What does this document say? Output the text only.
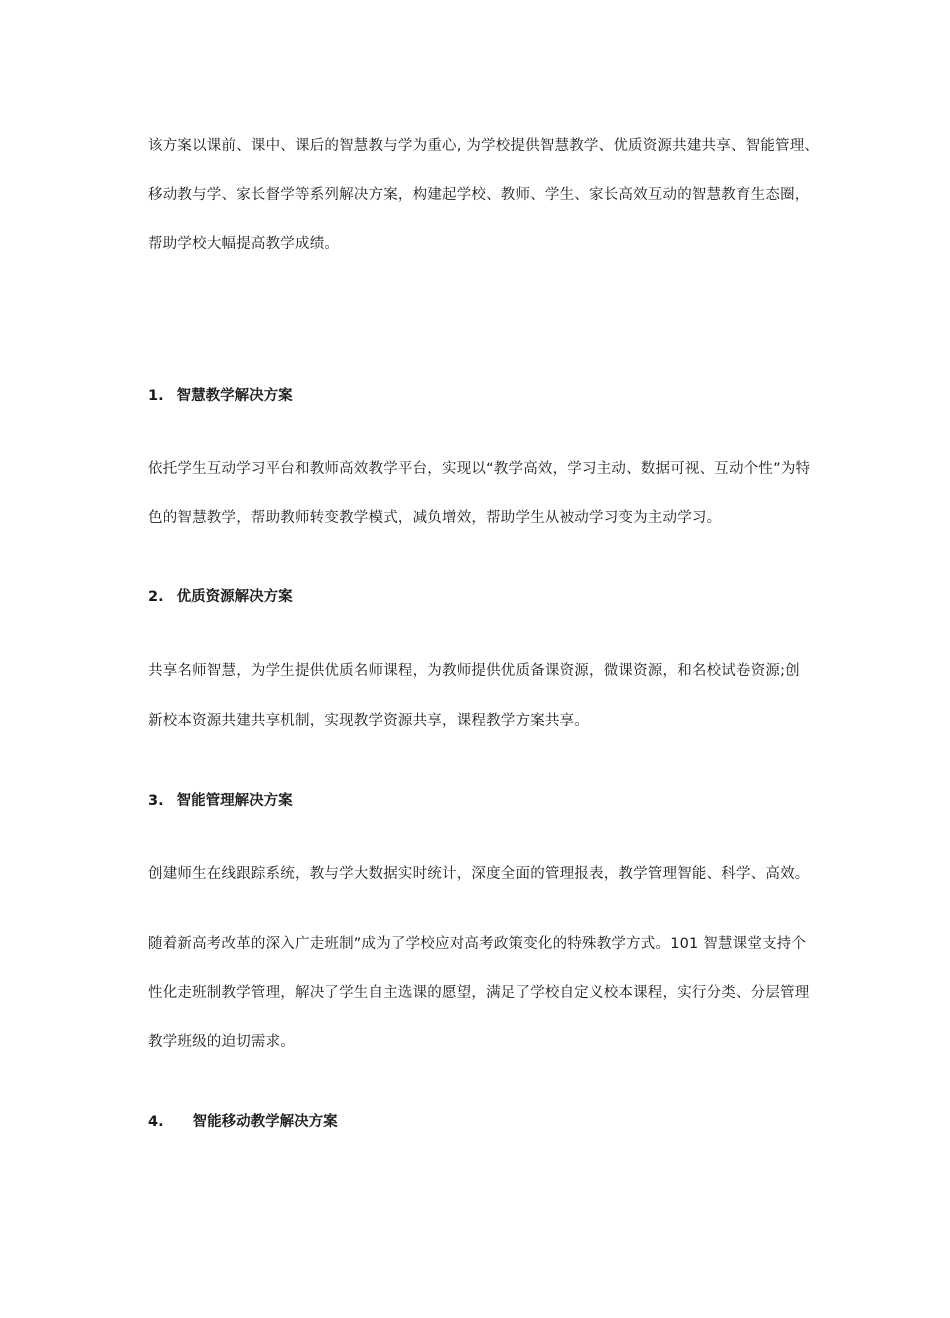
该方案以课前、课中、课后的智慧教与学为重心, 为学校提供智慧教学、优质资源共建共享、智能管理、
移动教与学、家长督学等系列解决方案，构建起学校、教师、学生、家长高效互动的智慧教育生态圈，
帮助学校大幅提高教学成绩。
1. 智慧教学解决方案
依托学生互动学习平台和教师高效教学平台，实现以“教学高效，学习主动、数据可视、互动个性”为特
色的智慧教学，帮助教师转变教学模式，减负增效，帮助学生从被动学习变为主动学习。
2. 优质资源解决方案
共享名师智慧，为学生提供优质名师课程，为教师提供优质备课资源，微课资源，和名校试卷资源;创
新校本资源共建共享机制，实现教学资源共享，课程教学方案共享。
3. 智能管理解决方案
创建师生在线跟踪系统，教与学大数据实时统计，深度全面的管理报表，教学管理智能、科学、高效。
随着新高考改革的深入广走班制”成为了学校应对高考政策变化的特殊教学方式。101 智慧课堂支持个
性化走班制教学管理，解决了学生自主选课的愿望，满足了学校自定义校本课程，实行分类、分层管理
教学班级的迫切需求。
4. 智能移动教学解决方案
